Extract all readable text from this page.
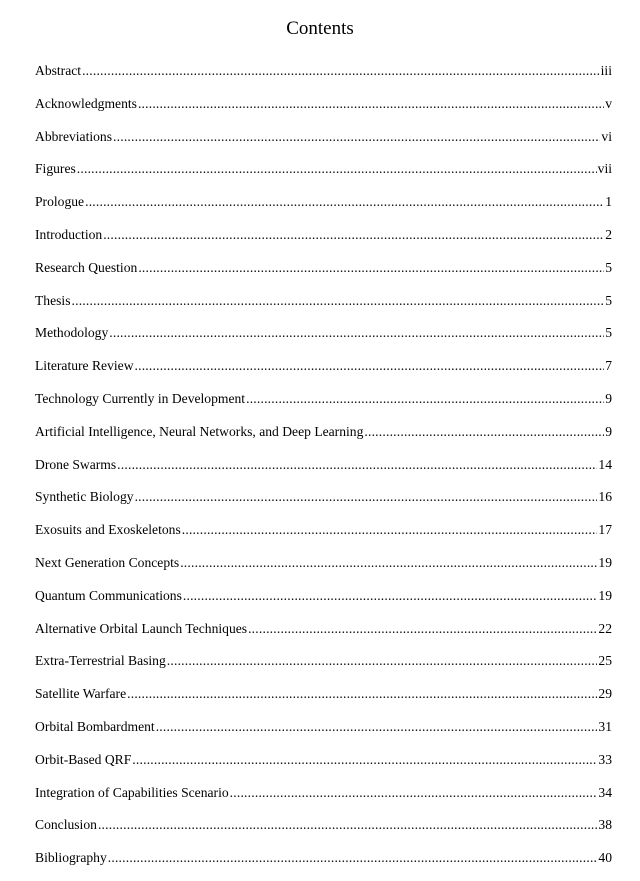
Contents
Abstract .....	iii
Acknowledgments .....	v
Abbreviations .....	vi
Figures .....	vii
Prologue .....	1
Introduction .....	2
Research Question .....	5
Thesis .....	5
Methodology .....	5
Literature Review .....	7
Technology Currently in Development .....	9
Artificial Intelligence, Neural Networks, and Deep Learning .....	9
Drone Swarms .....	14
Synthetic Biology .....	16
Exosuits and Exoskeletons .....	17
Next Generation Concepts .....	19
Quantum Communications .....	19
Alternative Orbital Launch Techniques .....	22
Extra-Terrestrial Basing .....	25
Satellite Warfare .....	29
Orbital Bombardment .....	31
Orbit-Based QRF .....	33
Integration of Capabilities Scenario .....	34
Conclusion .....	38
Bibliography .....	40
